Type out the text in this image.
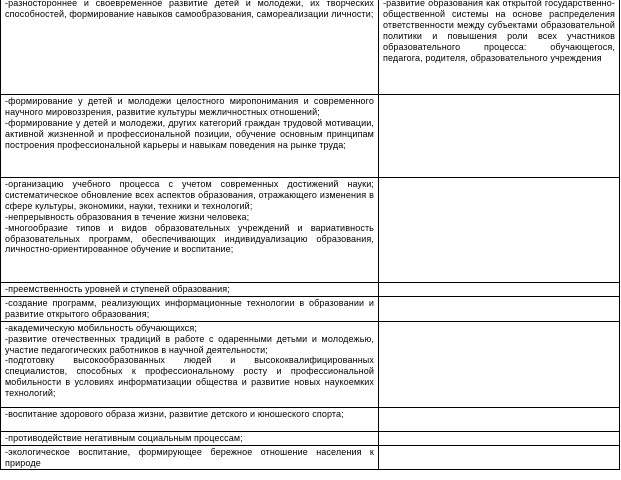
-разностороннее и своевременное развитие детей и молодежи, их творческих способностей, формирование навыков самообразования, самореализации личности;	-развитие образования как открытой государственно-общественной системы на основе распределения ответственности между субъектами образовательной политики и повышения роли всех участников образовательного процесса: обучающегося, педагога, родителя, образовательного учреждения

-формирование у детей и молодежи целостного миропонимания и современного научного мировоззрения, развитие культуры межличностных отношений;
-формирование у детей и молодежи, других категорий граждан трудовой мотивации, активной жизненной и профессиональной позиции, обучение основным принципам построения профессиональной карьеры и навыкам поведения на рынке труда;	

-организацию учебного процесса с учетом современных достижений науки; систематическое обновление всех аспектов образования, отражающего изменения в сфере культуры, экономики, науки, техники и технологий;
-непрерывность образования в течение жизни человека;
-многообразие типов и видов образовательных учреждений и вариативность образовательных программ, обеспечивающих индивидуализацию образования, личностно-ориентированное обучение и воспитание;	

-преемственность уровней и ступеней образования;	

-создание программ, реализующих информационные технологии в образовании и развитие открытого образования;	

-академическую мобильность обучающихся;
-развитие отечественных традиций в работе с одаренными детьми и молодежью, участие педагогических работников в научной деятельности;
-подготовку высокообразованных людей и высококвалифицированных специалистов, способных к профессиональному росту и профессиональной мобильности в условиях информатизации общества и развитие новых наукоемких технологий;	

-воспитание здорового образа жизни, развитие детского и юношеского спорта;	

-противодействие негативным социальным процессам;	

-экологическое воспитание, формирующее бережное отношение населения к природе	
